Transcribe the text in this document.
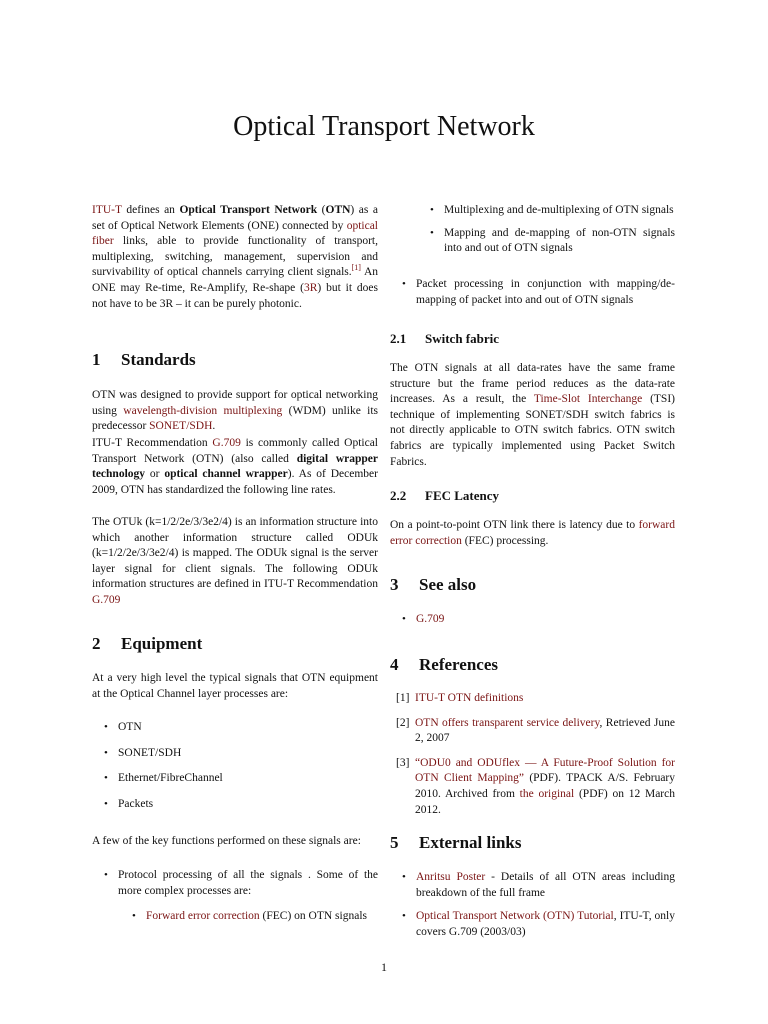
Optical Transport Network

ITU-T defines an Optical Transport Network (OTN) as a set of Optical Network Elements (ONE) connected by optical fiber links, able to provide functionality of transport, multiplexing, switching, management, supervision and survivability of optical channels carrying client signals.[1] An ONE may Re-time, Re-Amplify, Re-shape (3R) but it does not have to be 3R – it can be purely photonic.

1 Standards

OTN was designed to provide support for optical networking using wavelength-division multiplexing (WDM) unlike its predecessor SONET/SDH.

ITU-T Recommendation G.709 is commonly called Optical Transport Network (OTN) (also called digital wrapper technology or optical channel wrapper). As of December 2009, OTN has standardized the following line rates.

The OTUk (k=1/2/2e/3/3e2/4) is an information structure into which another information structure called ODUk (k=1/2/2e/3/3e2/4) is mapped. The ODUk signal is the server layer signal for client signals. The following ODUk information structures are defined in ITU-T Recommendation G.709

2 Equipment

At a very high level the typical signals that OTN equipment at the Optical Channel layer processes are:

• OTN
• SONET/SDH
• Ethernet/FibreChannel
• Packets

A few of the key functions performed on these signals are:

• Protocol processing of all the signals . Some of the more complex processes are:

• Forward error correction (FEC) on OTN signals

• Multiplexing and de-multiplexing of OTN signals

• Mapping and de-mapping of non-OTN signals into and out of OTN signals

• Packet processing in conjunction with mapping/de-mapping of packet into and out of OTN signals

2.1 Switch fabric

The OTN signals at all data-rates have the same frame structure but the frame period reduces as the data-rate increases. As a result, the Time-Slot Interchange (TSI) technique of implementing SONET/SDH switch fabrics is not directly applicable to OTN switch fabrics. OTN switch fabrics are typically implemented using Packet Switch Fabrics.

2.2 FEC Latency

On a point-to-point OTN link there is latency due to forward error correction (FEC) processing.

3 See also
• G.709
4 References
[1] ITU-T OTN definitions

[2] OTN offers transparent service delivery, Retrieved June 2, 2007

[3] “ODU0 and ODUflex — A Future-Proof Solution for OTN Client Mapping” (PDF). TPACK A/S. February 2010. Archived from the original (PDF) on 12 March 2012.

5 External links
• Anritsu Poster - Details of all OTN areas including breakdown of the full frame

• Optical Transport Network (OTN) Tutorial, ITU-T, only covers G.709 (2003/03)

1
